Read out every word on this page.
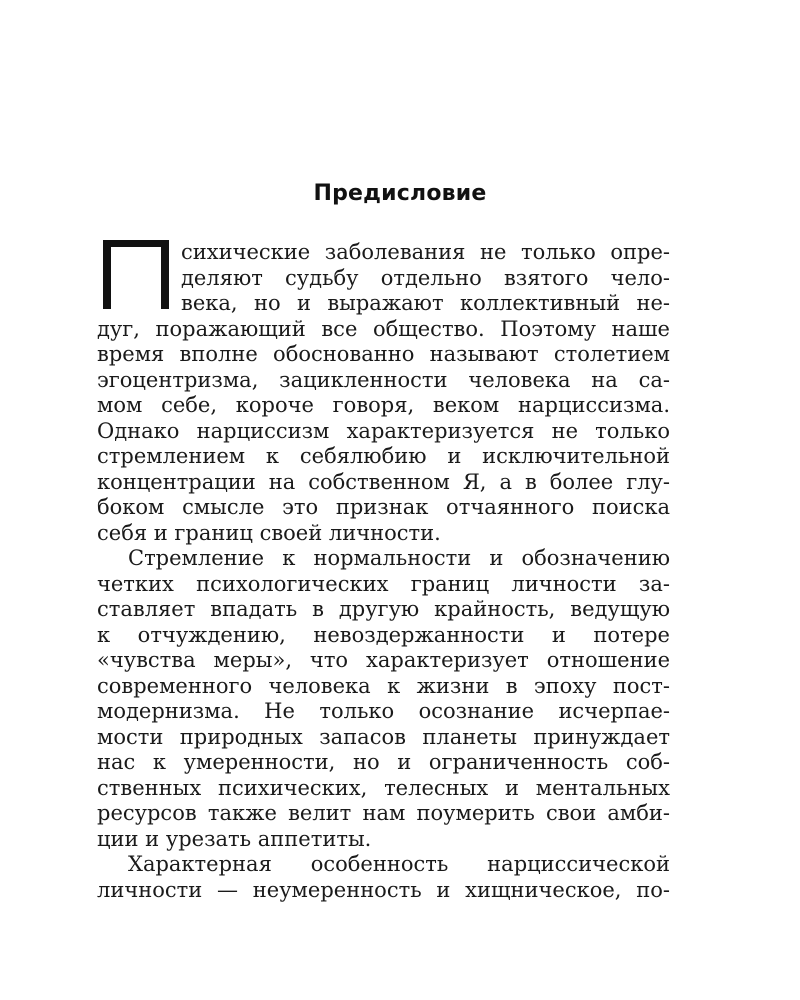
Предисловие
сихические заболевания не только опре-
деляют судьбу отдельно взятого чело-
века, но и выражают коллективный не-
дуг, поражающий все общество. Поэтому наше
время вполне обоснованно называют столетием
эгоцентризма, зацикленности человека на са-
мом себе, короче говоря, веком нарциссизма.
Однако нарциссизм характеризуется не только
стремлением к себялюбию и исключительной
концентрации на собственном Я, а в более глу-
боком смысле это признак отчаянного поиска
себя и границ своей личности.
Стремление к нормальности и обозначению
четких психологических границ личности за-
ставляет впадать в другую крайность, ведущую
к отчуждению, невоздержанности и потере
«чувства меры», что характеризует отношение
современного человека к жизни в эпоху пост-
модернизма. Не только осознание исчерпае-
мости природных запасов планеты принуждает
нас к умеренности, но и ограниченность соб-
ственных психических, телесных и ментальных
ресурсов также велит нам поумерить свои амби-
ции и урезать аппетиты.
Характерная особенность нарциссической
личности — неумеренность и хищническое, по-
